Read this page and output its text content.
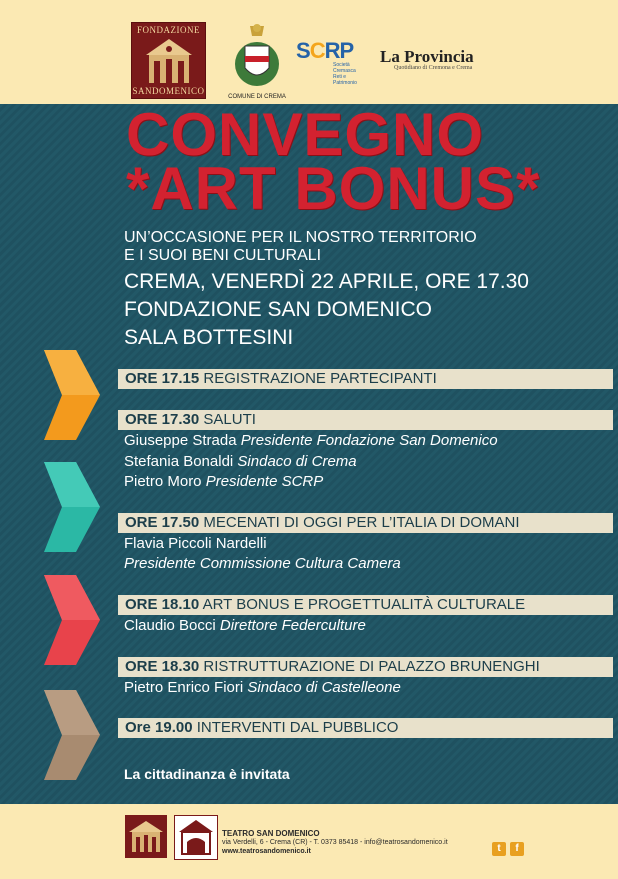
FONDAZIONE
SANDOMENICO
COMUNE DI CREMA
SCRP
Società Cremasca Reti e Patrimonio
La Provincia
Quotidiano di Cremona e Crema
CONVEGNO
*ART BONUS*
UN’OCCASIONE PER IL NOSTRO TERRITORIO
E I SUOI BENI CULTURALI
CREMA, VENERDÌ 22 APRILE, ORE 17.30
FONDAZIONE SAN DOMENICO
SALA BOTTESINI
ORE 17.15 REGISTRAZIONE PARTECIPANTI
ORE 17.30 SALUTI
Giuseppe Strada Presidente Fondazione San Domenico
Stefania Bonaldi Sindaco di Crema
Pietro Moro Presidente SCRP
ORE 17.50 MECENATI DI OGGI PER L’ITALIA DI DOMANI
Flavia Piccoli Nardelli
Presidente Commissione Cultura Camera
ORE 18.10 ART BONUS E PROGETTUALITÀ CULTURALE
Claudio Bocci Direttore Federculture
ORE 18.30 RISTRUTTURAZIONE DI PALAZZO BRUNENGHI
Pietro Enrico Fiori Sindaco di Castelleone
Ore 19.00 INTERVENTI DAL PUBBLICO
La cittadinanza è invitata
TEATRO SAN DOMENICO
via Verdelli, 6 - Crema (CR) - T. 0373 85418 - info@teatrosandomenico.it
www.teatrosandomenico.it	t	f
